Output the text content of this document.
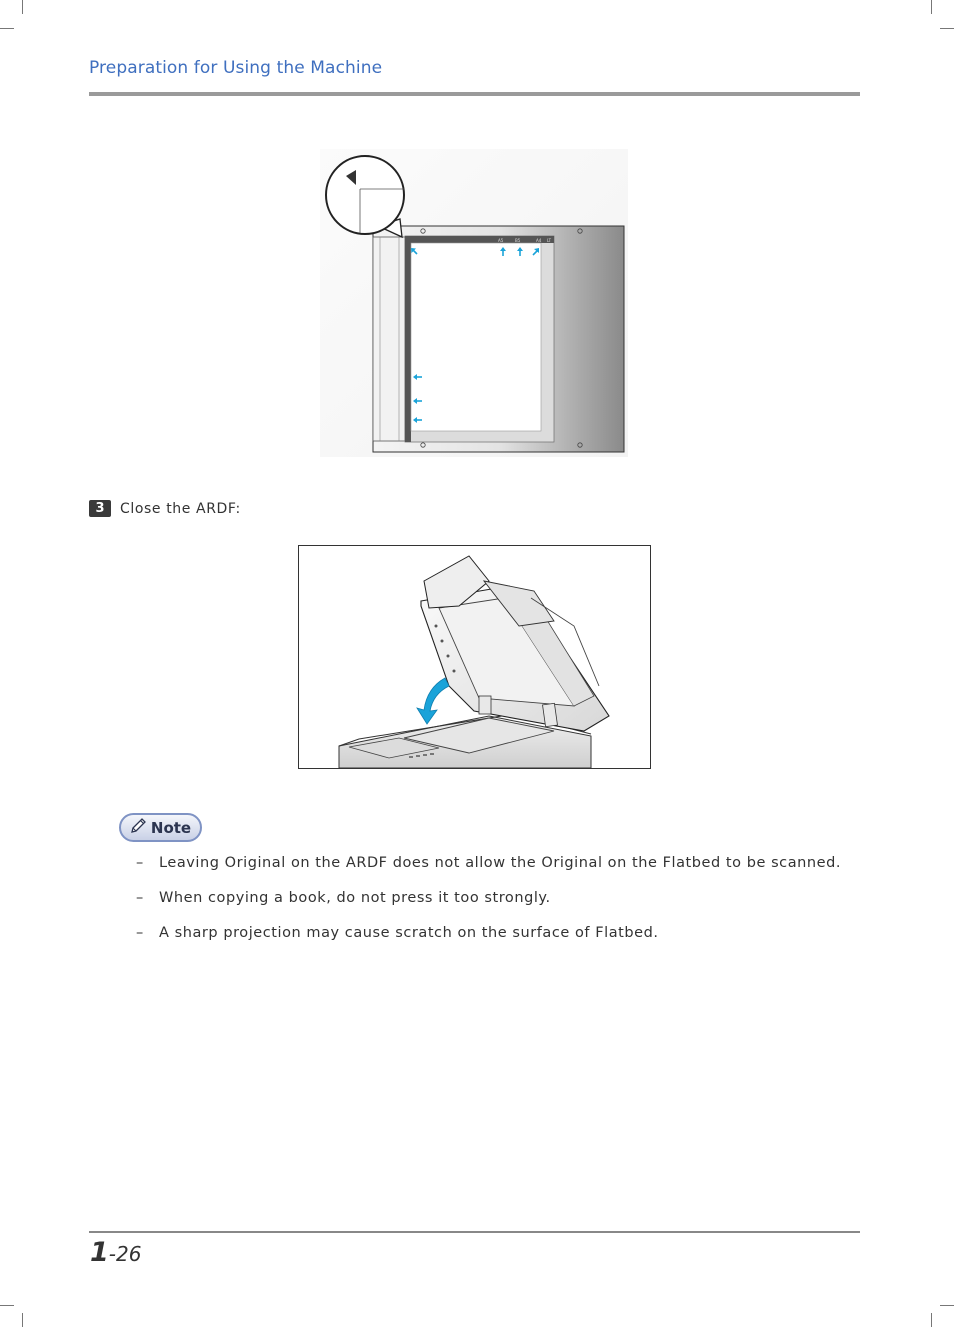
Preparation for Using the Machine
A5	B5	A4 LT
3	Close the ARDF:
Note
–	Leaving Original on the ARDF does not allow the Original on the Flatbed to be scanned.
–	When copying a book, do not press it too strongly.
–	A sharp projection may cause scratch on the surface of Flatbed.
1-26
